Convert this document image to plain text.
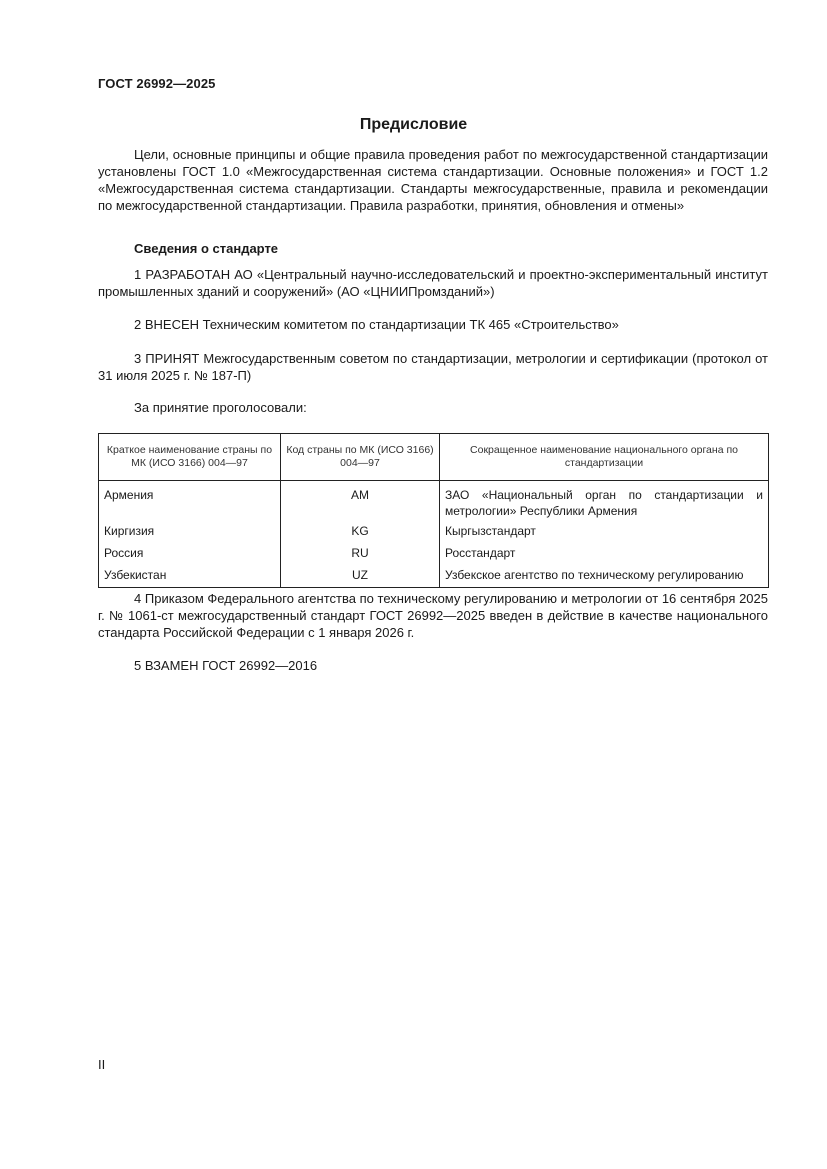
ГОСТ 26992—2025
Предисловие
Цели, основные принципы и общие правила проведения работ по межгосударственной стандартизации установлены ГОСТ 1.0 «Межгосударственная система стандартизации. Основные положения» и ГОСТ 1.2 «Межгосударственная система стандартизации. Стандарты межгосударственные, правила и рекомендации по межгосударственной стандартизации. Правила разработки, принятия, обновления и отмены»
Сведения о стандарте
1 РАЗРАБОТАН АО «Центральный научно-исследовательский и проектно-экспериментальный институт промышленных зданий и сооружений» (АО «ЦНИИПромзданий»)
2 ВНЕСЕН Техническим комитетом по стандартизации ТК 465 «Строительство»
3 ПРИНЯТ Межгосударственным советом по стандартизации, метрологии и сертификации (протокол от 31 июля 2025 г. № 187-П)
За принятие проголосовали:
Краткое наименование страны по МК (ИСО 3166) 004—97	Код страны по МК (ИСО 3166) 004—97	Сокращенное наименование национального органа по стандартизации
Армения	AM	ЗАО «Национальный орган по стандартизации и метрологии» Республики Армения
Киргизия	KG	Кыргызстандарт
Россия	RU	Росстандарт
Узбекистан	UZ	Узбекское агентство по техническому регулированию
4 Приказом Федерального агентства по техническому регулированию и метрологии от 16 сентября 2025 г. № 1061-ст межгосударственный стандарт ГОСТ 26992—2025 введен в действие в качестве национального стандарта Российской Федерации с 1 января 2026 г.
5 ВЗАМЕН ГОСТ 26992—2016
II
